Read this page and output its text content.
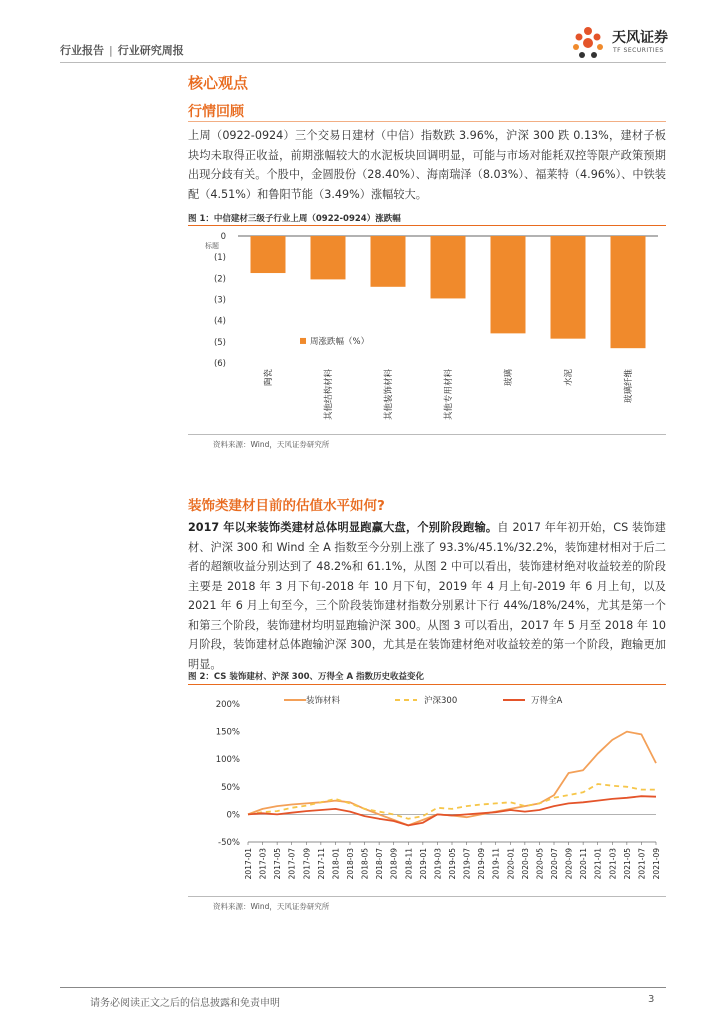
行业报告 | 行业研究周报
天风证券
TF SECURITIES
核心观点
行情回顾
上周（0922-0924）三个交易日建材（中信）指数跌 3.96%，沪深 300 跌 0.13%，建材子板块均未取得正收益，前期涨幅较大的水泥板块回调明显，可能与市场对能耗双控等限产政策预期出现分歧有关。个股中，金圆股份（28.40%）、海南瑞泽（8.03%）、福莱特（4.96%）、中铁装配（4.51%）和鲁阳节能（3.49%）涨幅较大。
图 1：中信建材三级子行业上周（0922-0924）涨跌幅
0
(1)
(2)
(3)
(4)
(5)
(6)
标题
陶瓷	其他结构材料	其他装饰材料	其他专用材料	玻璃	水泥	玻璃纤维
周涨跌幅（%）
资料来源：Wind，天风证券研究所
装饰类建材目前的估值水平如何?
2017 年以来装饰类建材总体明显跑赢大盘，个别阶段跑输。自 2017 年年初开始，CS 装饰建材、沪深 300 和 Wind 全 A 指数至今分别上涨了 93.3%/45.1%/32.2%，装饰建材相对于后二者的超额收益分别达到了 48.2%和 61.1%，从图 2 中可以看出，装饰建材绝对收益较差的阶段主要是 2018 年 3 月下旬-2018 年 10 月下旬，2019 年 4 月上旬-2019 年 6 月上旬，以及 2021 年 6 月上旬至今，三个阶段装饰建材指数分别累计下行 44%/18%/24%，尤其是第一个和第三个阶段，装饰建材均明显跑输沪深 300。从图 3 可以看出，2017 年 5 月至 2018 年 10 月阶段，装饰建材总体跑输沪深 300，尤其是在装饰建材绝对收益较差的第一个阶段，跑输更加明显。
图 2：CS 装饰建材、沪深 300、万得全 A 指数历史收益变化
-50%
0%
50%
100%
150%
200%
2017-01 2017-03 2017-05 2017-07 2017-09 2017-11 2018-01 2018-03 2018-05 2018-07 2018-09 2018-11 2019-01 2019-03 2019-05 2019-07 2019-09 2019-11 2020-01 2020-03 2020-05 2020-07 2020-09 2020-11 2021-01 2021-03 2021-05 2021-07 2021-09
装饰材料	沪深300	万得全A
资料来源：Wind，天风证券研究所
请务必阅读正文之后的信息披露和免责申明	3
